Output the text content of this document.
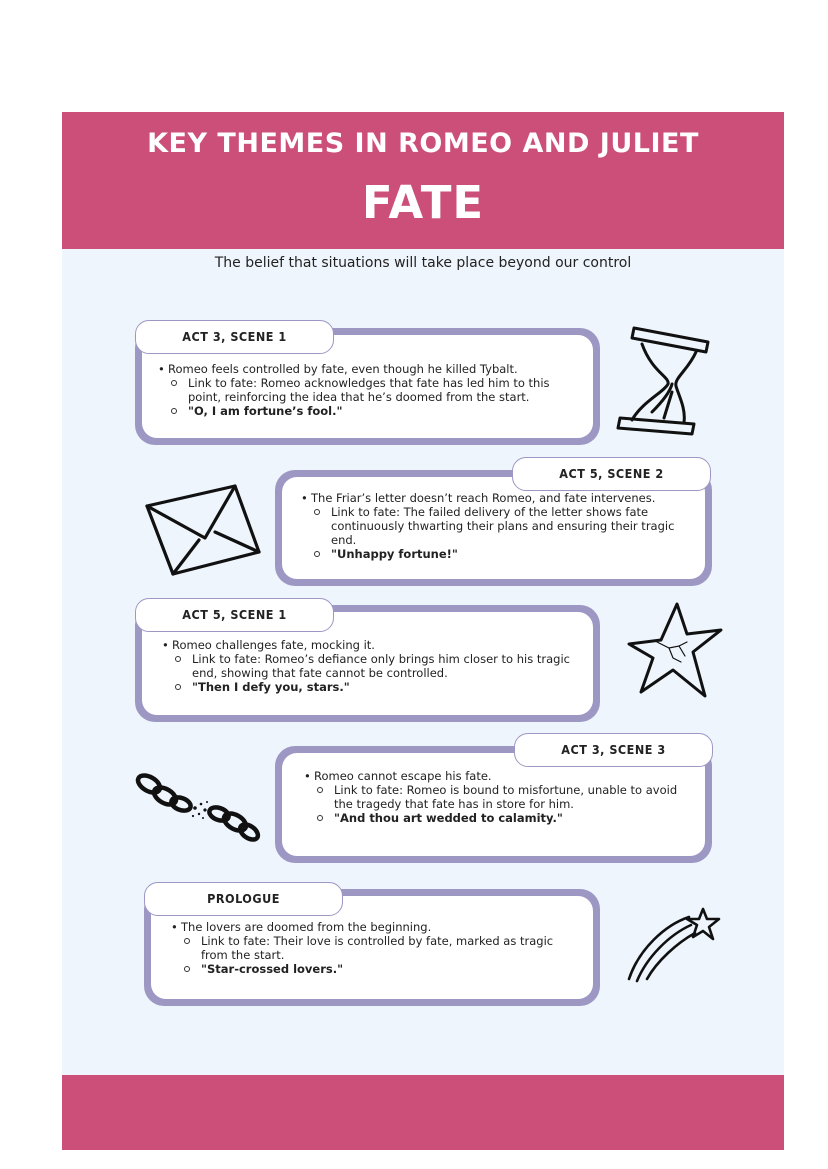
KEY THEMES IN ROMEO AND JULIET
FATE
The belief that situations will take place beyond our control
• Romeo feels controlled by fate, even though he killed Tybalt.
Link to fate: Romeo acknowledges that fate has led him to this point, reinforcing the idea that he’s doomed from the start.
"O, I am fortune’s fool."
ACT 3, SCENE 1
• The Friar’s letter doesn’t reach Romeo, and fate intervenes.
Link to fate: The failed delivery of the letter shows fate continuously thwarting their plans and ensuring their tragic end.
"Unhappy fortune!"
ACT 5, SCENE 2
• Romeo challenges fate, mocking it.
Link to fate: Romeo’s defiance only brings him closer to his tragic end, showing that fate cannot be controlled.
"Then I defy you, stars."
ACT 5, SCENE 1
• Romeo cannot escape his fate.
Link to fate: Romeo is bound to misfortune, unable to avoid the tragedy that fate has in store for him.
"And thou art wedded to calamity."
ACT 3, SCENE 3
• The lovers are doomed from the beginning.
Link to fate: Their love is controlled by fate, marked as tragic from the start.
"Star-crossed lovers."
PROLOGUE
